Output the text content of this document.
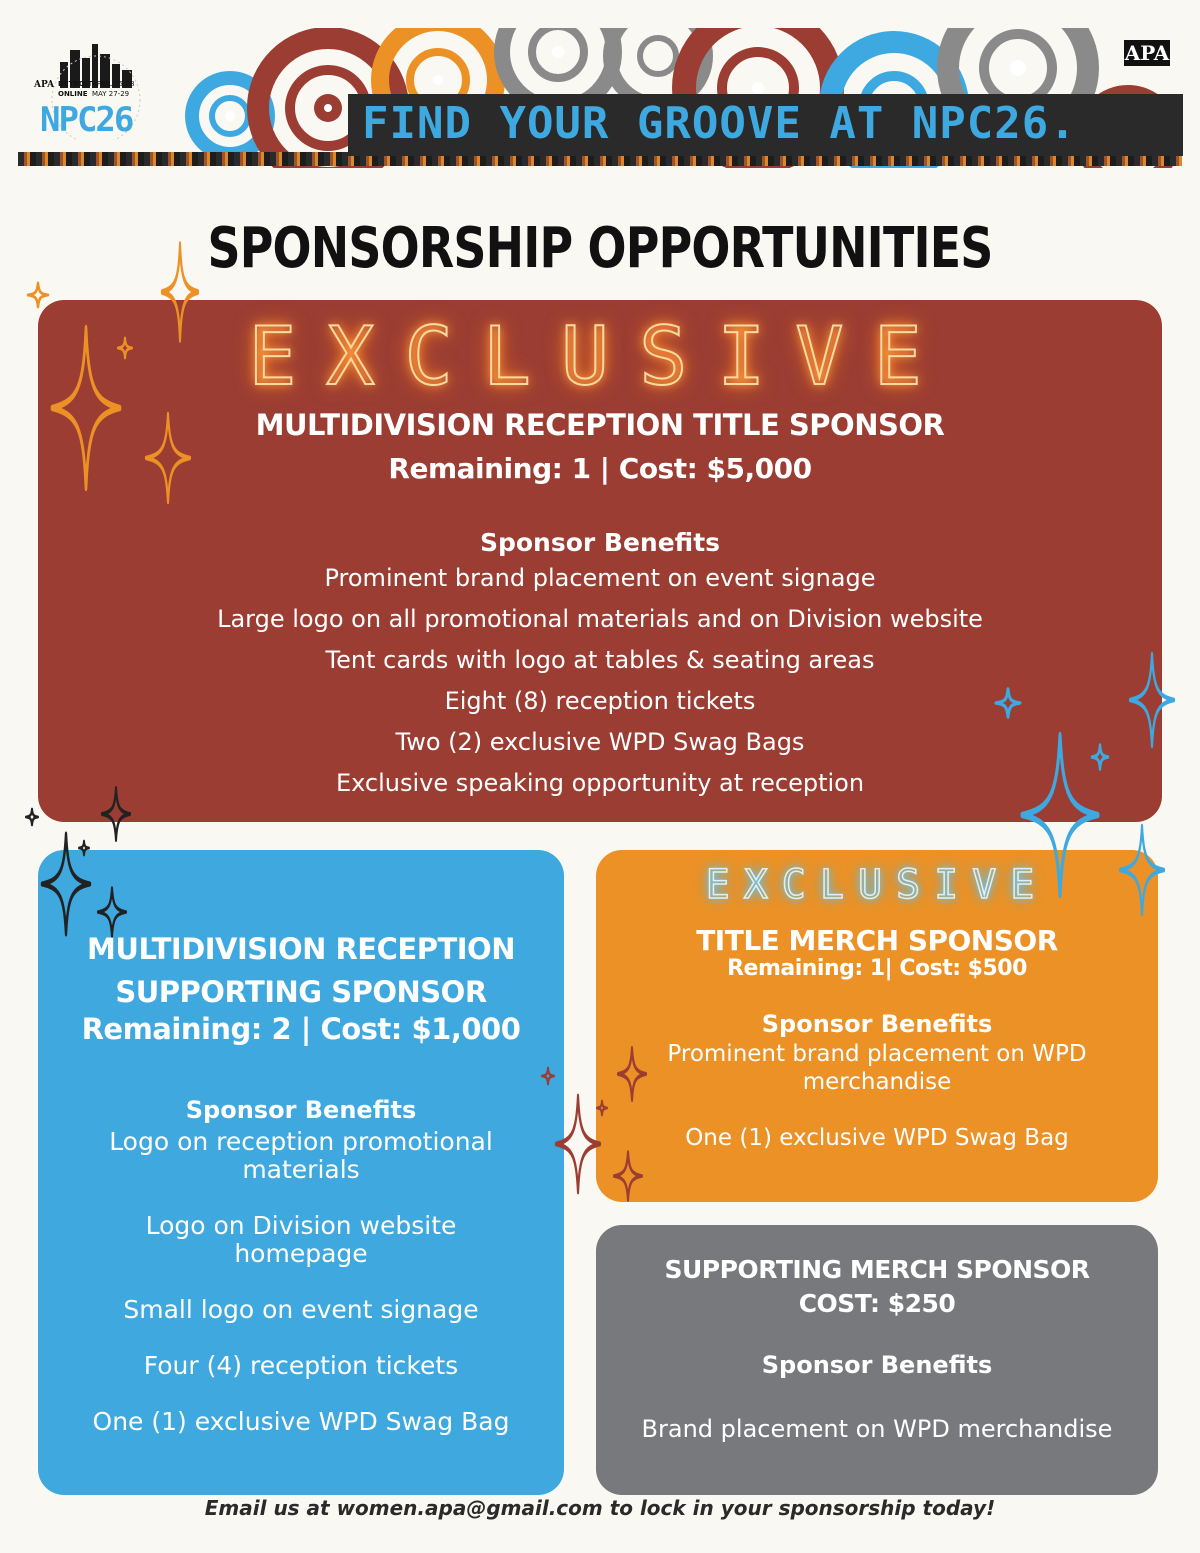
APA DETROIT APRIL 25-28
ONLINE MAY 27-29
NPC26	FIND YOUR GROOVE AT NPC26.
APA
SPONSORSHIP OPPORTUNITIES
EXCLUSIVE
MULTIDIVISION RECEPTION TITLE SPONSOR
Remaining: 1 | Cost: $5,000
Sponsor Benefits
Prominent brand placement on event signage
Large logo on all promotional materials and on Division website
Tent cards with logo at tables & seating areas
Eight (8) reception tickets
Two (2) exclusive WPD Swag Bags
Exclusive speaking opportunity at reception
MULTIDIVISION RECEPTION SUPPORTING SPONSOR
Remaining: 2 | Cost: $1,000
Sponsor Benefits
Logo on reception promotional materials
Logo on Division website homepage
Small logo on event signage
Four (4) reception tickets
One (1) exclusive WPD Swag Bag
EXCLUSIVE
TITLE MERCH SPONSOR
Remaining: 1| Cost: $500
Sponsor Benefits
Prominent brand placement on WPD merchandise
One (1) exclusive WPD Swag Bag
SUPPORTING MERCH SPONSOR
COST: $250
Sponsor Benefits
Brand placement on WPD merchandise
Email us at women.apa@gmail.com to lock in your sponsorship today!
